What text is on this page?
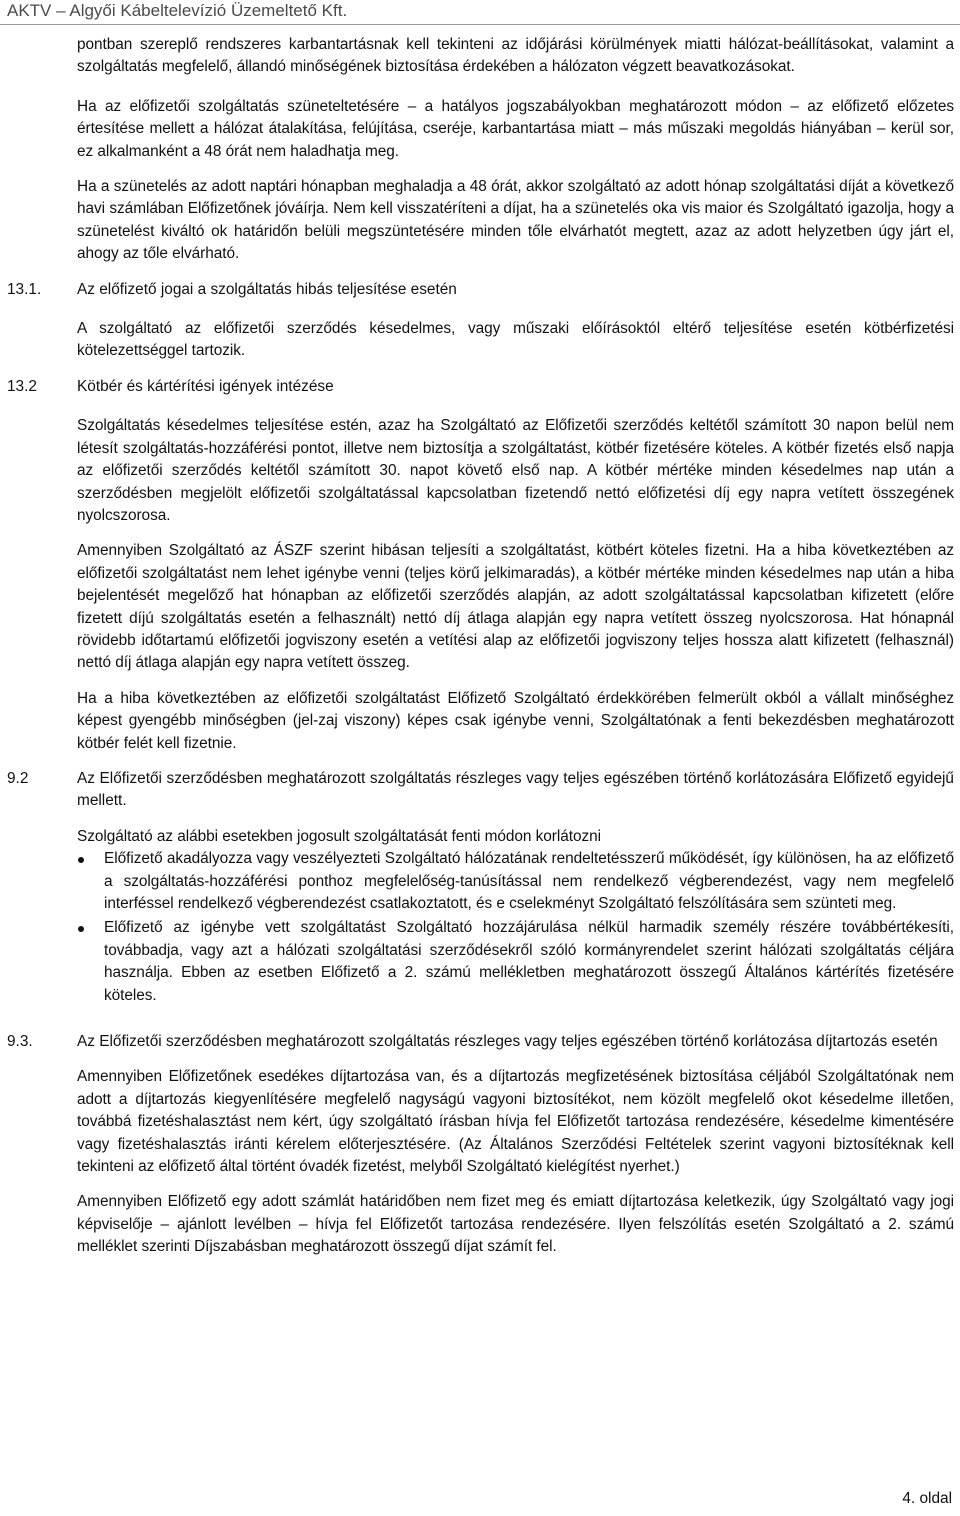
AKTV – Algyői Kábeltelevízió Üzemeltető Kft.
pontban szereplő rendszeres karbantartásnak kell tekinteni az időjárási körülmények miatti hálózat-beállításokat, valamint a szolgáltatás megfelelő, állandó minőségének biztosítása érdekében a hálózaton végzett beavatkozásokat.
Ha az előfizetői szolgáltatás szüneteltetésére – a hatályos jogszabályokban meghatározott módon – az előfizető előzetes értesítése mellett a hálózat átalakítása, felújítása, cseréje, karbantartása miatt – más műszaki megoldás hiányában – kerül sor, ez alkalmanként a 48 órát nem haladhatja meg.
Ha a szünetelés az adott naptári hónapban meghaladja a 48 órát, akkor szolgáltató az adott hónap szolgáltatási díját a következő havi számlában Előfizetőnek jóváírja. Nem kell visszatéríteni a díjat, ha a szünetelés oka vis maior és Szolgáltató igazolja, hogy a szünetelést kiváltó ok határidőn belüli megszüntetésére minden tőle elvárhatót megtett, azaz az adott helyzetben úgy járt el, ahogy az tőle elvárható.
13.1. Az előfizető jogai a szolgáltatás hibás teljesítése esetén
A szolgáltató az előfizetői szerződés késedelmes, vagy műszaki előírásoktól eltérő teljesítése esetén kötbérfizetési kötelezettséggel tartozik.
13.2	Kötbér és kártérítési igények intézése
Szolgáltatás késedelmes teljesítése estén, azaz ha Szolgáltató az Előfizetői szerződés keltétől számított 30 napon belül nem létesít szolgáltatás-hozzáférési pontot, illetve nem biztosítja a szolgáltatást, kötbér fizetésére köteles. A kötbér fizetés első napja az előfizetői szerződés keltétől számított 30. napot követő első nap. A kötbér mértéke minden késedelmes nap után a szerződésben megjelölt előfizetői szolgáltatással kapcsolatban fizetendő nettó előfizetési díj egy napra vetített összegének nyolcszorosa.
Amennyiben Szolgáltató az ÁSZF szerint hibásan teljesíti a szolgáltatást, kötbért köteles fizetni. Ha a hiba következtében az előfizetői szolgáltatást nem lehet igénybe venni (teljes körű jelkimaradás), a kötbér mértéke minden késedelmes nap után a hiba bejelentését megelőző hat hónapban az előfizetői szerződés alapján, az adott szolgáltatással kapcsolatban kifizetett (előre fizetett díjú szolgáltatás esetén a felhasznált) nettó díj átlaga alapján egy napra vetített összeg nyolcszorosa. Hat hónapnál rövidebb időtartamú előfizetői jogviszony esetén a vetítési alap az előfizetői jogviszony teljes hossza alatt kifizetett (felhasznál) nettó díj átlaga alapján egy napra vetített összeg.
Ha a hiba következtében az előfizetői szolgáltatást Előfizető Szolgáltató érdekkörében felmerült okból a vállalt minőséghez képest gyengébb minőségben (jel-zaj viszony) képes csak igénybe venni, Szolgáltatónak a fenti bekezdésben meghatározott kötbér felét kell fizetnie.
9.2	Az Előfizetői szerződésben meghatározott szolgáltatás részleges vagy teljes egészében történő korlátozására Előfizető egyidejű mellett.
Szolgáltató az alábbi esetekben jogosult szolgáltatását fenti módon korlátozni
Előfizető akadályozza vagy veszélyezteti Szolgáltató hálózatának rendeltetésszerű működését, így különösen, ha az előfizető a szolgáltatás-hozzáférési ponthoz megfelelőség-tanúsítással nem rendelkező végberendezést, vagy nem megfelelő interféssel rendelkező végberendezést csatlakoztatott, és e cselekményt Szolgáltató felszólítására sem szünteti meg.
Előfizető az igénybe vett szolgáltatást Szolgáltató hozzájárulása nélkül harmadik személy részére továbbértékesíti, továbbadja, vagy azt a hálózati szolgáltatási szerződésekről szóló kormányrendelet szerint hálózati szolgáltatás céljára használja. Ebben az esetben Előfizető a 2. számú mellékletben meghatározott összegű Általános kártérítés fizetésére köteles.
9.3.	Az Előfizetői szerződésben meghatározott szolgáltatás részleges vagy teljes egészében történő korlátozása díjtartozás esetén
Amennyiben Előfizetőnek esedékes díjtartozása van, és a díjtartozás megfizetésének biztosítása céljából Szolgáltatónak nem adott a díjtartozás kiegyenlítésére megfelelő nagyságú vagyoni biztosítékot, nem közölt megfelelő okot késedelme illetően, továbbá fizetéshalasztást nem kért, úgy szolgáltató írásban hívja fel Előfizetőt tartozása rendezésére, késedelme kimentésére vagy fizetéshalasztás iránti kérelem előterjesztésére. (Az Általános Szerződési Feltételek szerint vagyoni biztosítéknak kell tekinteni az előfizető által történt óvadék fizetést, melyből Szolgáltató kielégítést nyerhet.)
Amennyiben Előfizető egy adott számlát határidőben nem fizet meg és emiatt díjtartozása keletkezik, úgy Szolgáltató vagy jogi képviselője – ajánlott levélben – hívja fel Előfizetőt tartozása rendezésére. Ilyen felszólítás esetén Szolgáltató a 2. számú melléklet szerinti Díjszabásban meghatározott összegű díjat számít fel.
4. oldal
